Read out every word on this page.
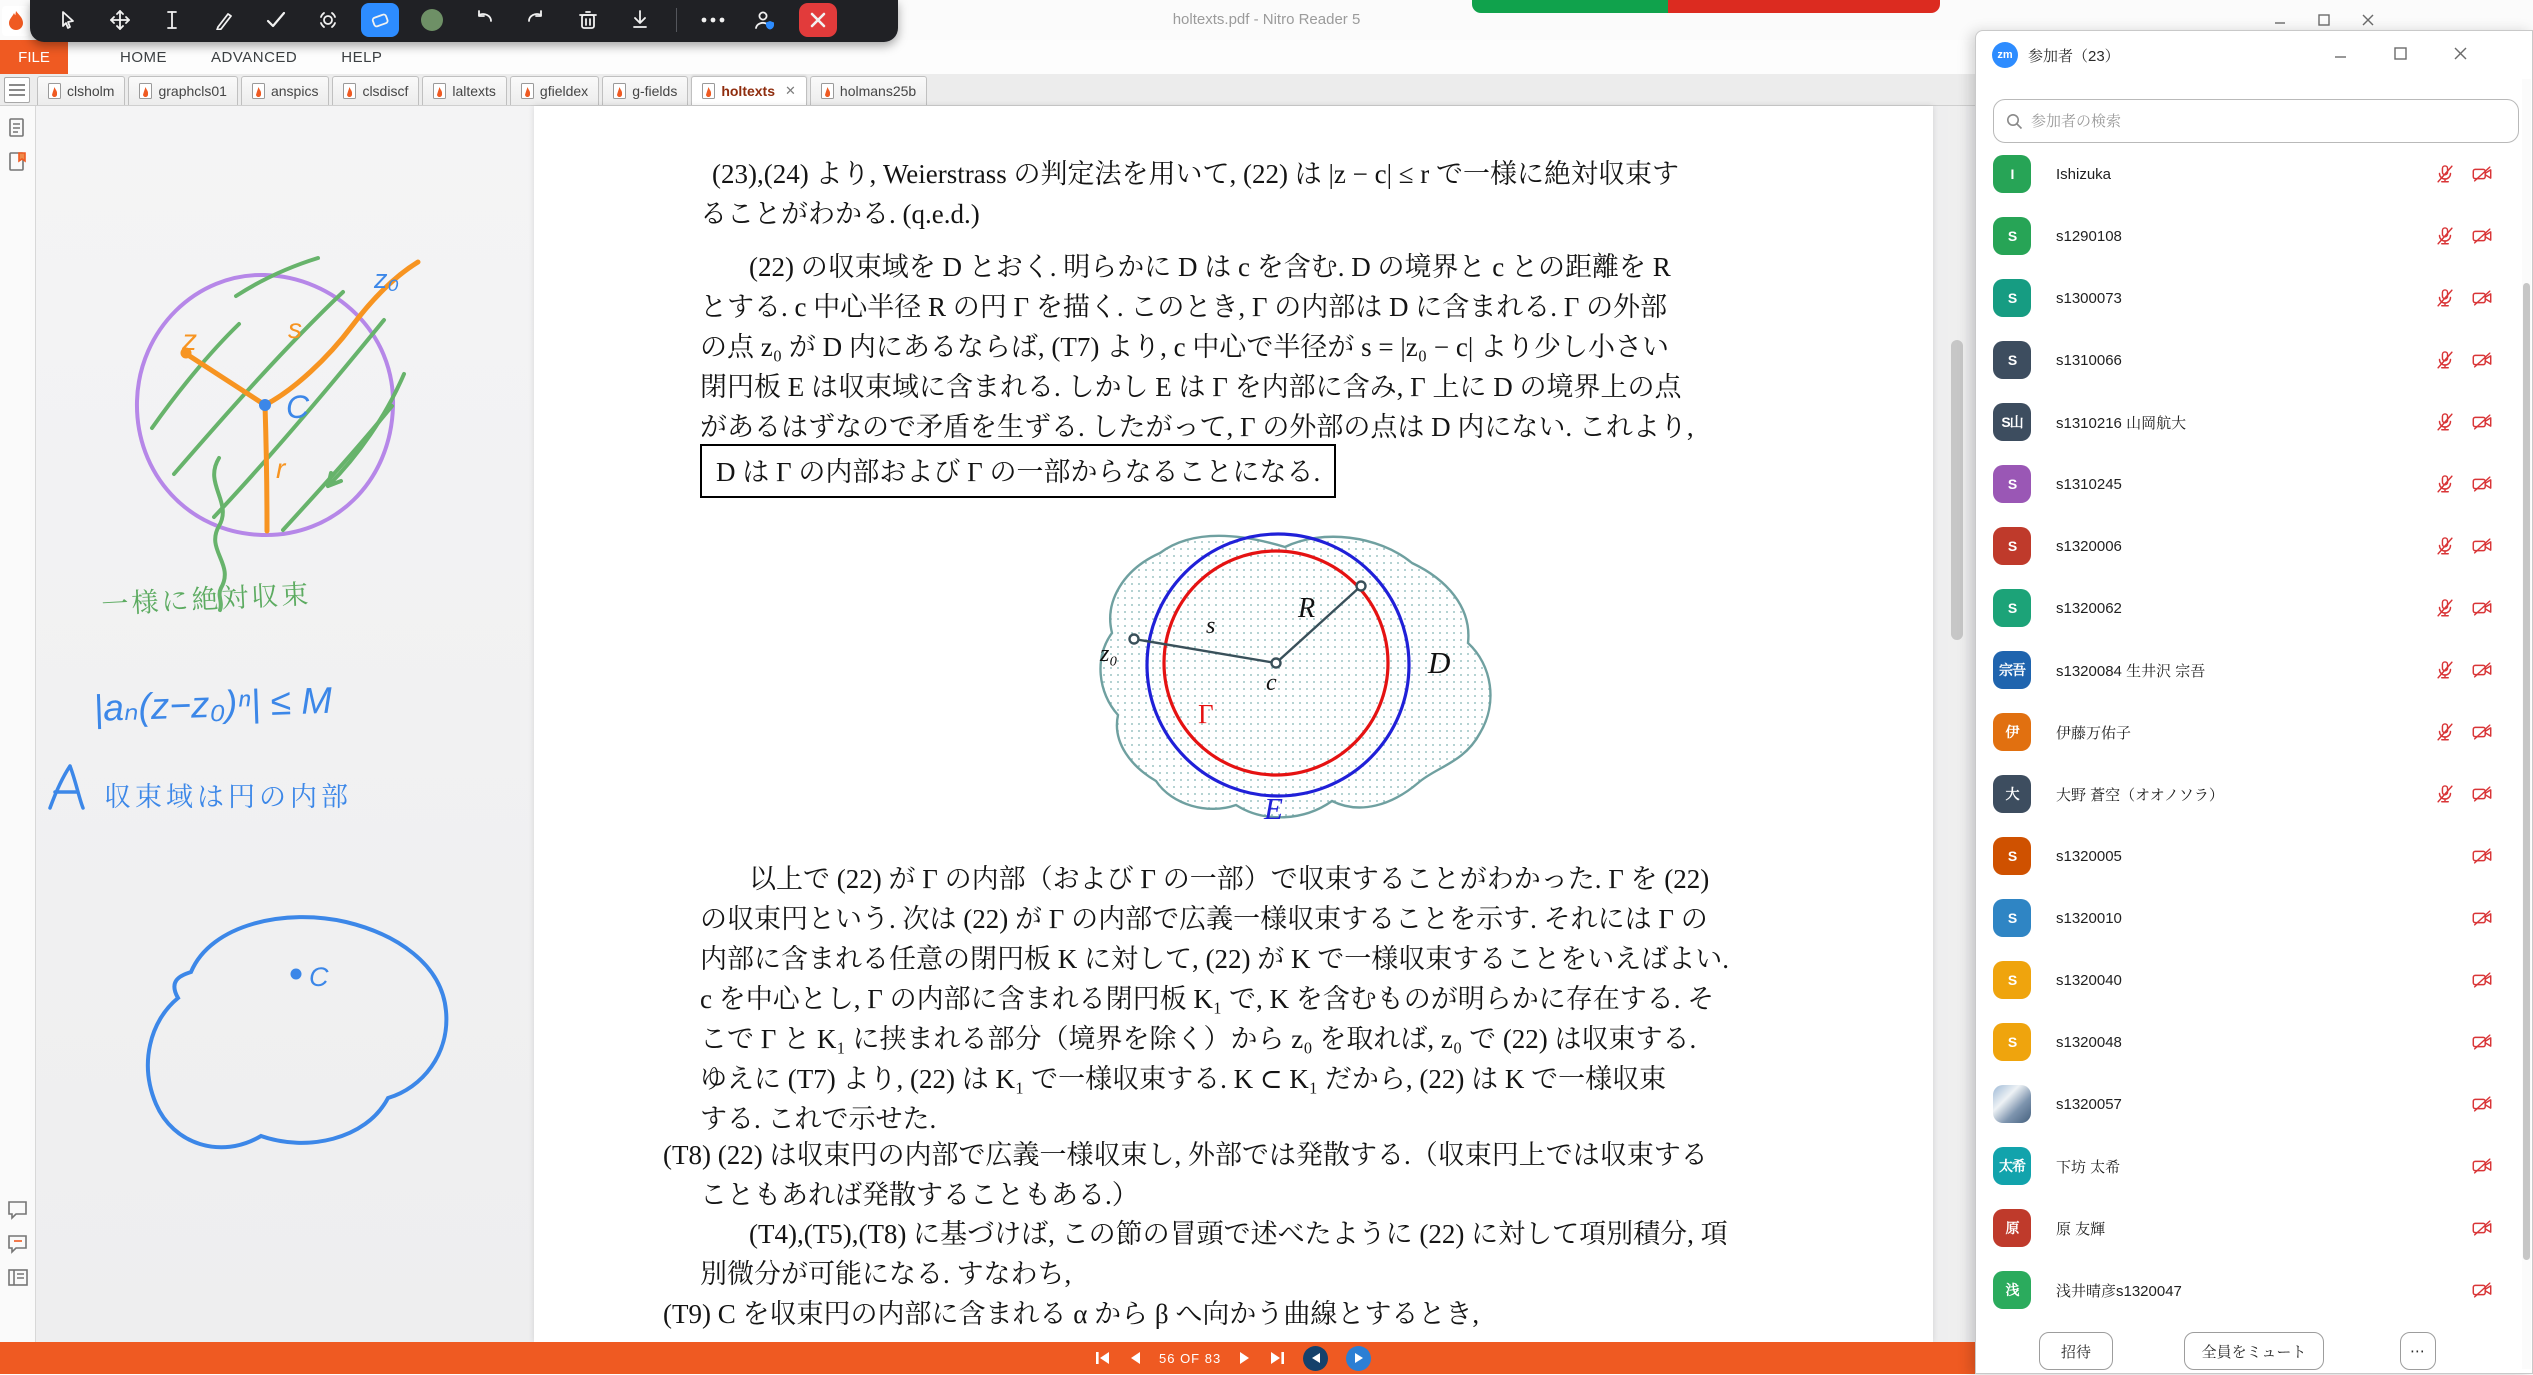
holtexts.pdf - Nitro Reader 5
FILE	HOME	ADVANCED	HELP
clsholm	graphcls01	anspics	clsdiscf	laltexts	gfieldex	g-fields	holtexts ✕	holmans25b
z	s
r
C
z₀
一様に絶対収束
|aₙ(z−z₀)ⁿ| ≤ M
収束域は円の内部
C
(23),(24) より, Weierstrass の判定法を用いて, (22) は |z − c| ≤ r で一様に絶対収束す
ることがわかる. (q.e.d.)
(22) の収束域を D とおく. 明らかに D は c を含む. D の境界と c との距離を R
とする. c 中心半径 R の円 Γ を描く. このとき, Γ の内部は D に含まれる. Γ の外部
の点 z₀ が D 内にあるならば, (T7) より, c 中心で半径が s = |z₀ − c| より少し小さい
閉円板 E は収束域に含まれる. しかし E は Γ を内部に含み, Γ 上に D の境界上の点
があるはずなので矛盾を生ずる. したがって, Γ の外部の点は D 内にない. これより,
D は Γ の内部および Γ の一部からなることになる.
R
s
z₀
c
Γ
D
E
以上で (22) が Γ の内部（および Γ の一部）で収束することがわかった. Γ を (22)
の収束円という. 次は (22) が Γ の内部で広義一様収束することを示す. それには Γ の
内部に含まれる任意の閉円板 K に対して, (22) が K で一様収束することをいえばよい.
c を中心とし, Γ の内部に含まれる閉円板 K₁ で, K を含むものが明らかに存在する. そ
こで Γ と K₁ に挟まれる部分（境界を除く）から z₀ を取れば, z₀ で (22) は収束する.
ゆえに (T7) より, (22) は K₁ で一様収束する. K ⊂ K₁ だから, (22) は K で一様収束
する. これで示せた.
(T8) (22) は収束円の内部で広義一様収束し, 外部では発散する.（収束円上では収束する
こともあれば発散することもある.）
(T4),(T5),(T8) に基づけば, この節の冒頭で述べたように (22) に対して項別積分, 項
別微分が可能になる. すなわち,
(T9) C を収束円の内部に含まれる α から β へ向かう曲線とするとき,
56 OF 83
zm	参加者（23）
参加者の検索
I	Ishizuka
S	s1290108
S	s1300073
S	s1310066
S山	s1310216 山岡航大
S	s1310245
S	s1320006
S	s1320062
宗吾	s1320084 生井沢 宗吾
伊	伊藤万佑子
大	大野 蒼空（オオノソラ）
S	s1320005
S	s1320010
S	s1320040
S	s1320048
s1320057
太希	下坊 太希
原	原 友輝
浅	浅井晴彦s1320047
招待	全員をミュート	⋯
